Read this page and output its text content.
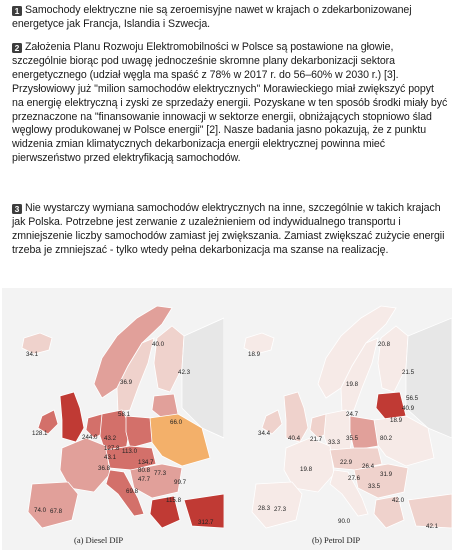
1 Samochody elektryczne nie są zeroemisyjne nawet w krajach o zdekarbonizowanej energetyce jak Francja, Islandia i Szwecja.
2 Założenia Planu Rozwoju Elektromobilności w Polsce są postawione na głowie, szczególnie biorąc pod uwagę jednocześnie skromne plany dekarbonizacji sektora energetycznego (udział węgla ma spaść z 78% w 2017 r. do 56–60% w 2030 r.) [3]. Przysłowiowy już "milion samochodów elektrycznych" Morawieckiego miał zwiększyć popyt na energię elektryczną i zyski ze sprzedaży energii. Pozyskane w ten sposób środki miały być przeznaczone na "finansowanie innowacji w sektorze energii, obniżających stopniowo ślad węglowy produkowanej w Polsce energii" [2]. Nasze badania jasno pokazują, że z punktu widzenia zmian klimatycznych dekarbonizacja energii elektrycznej powinna mieć pierwszeństwo przed elektryfikacją samochodów.
3 Nie wystarczy wymiana samochodów elektrycznych na inne, szczególnie w takich krajach jak Polska. Potrzebne jest zerwanie z uzależnieniem od indywidualnego transportu i zmniejszenie liczby samochodów zamiast jej zwiększania. Zamiast zwiększać zużycie energii trzeba je zmniejszać - tylko wtedy pełna dekarbonizacja ma szanse na realizację.
34.1
40.0
42.3
36.9
58.1
66.0
128.1
244.0 43.2
127.8
43.1
113.0
134.7
80.8
47.7
77.3
99.7
36.8
69.8
115.8
74.0 67.8
312.7
18.9
20.8
21.5
19.8
56.5
24.7
40.9
18.9
34.4
40.4 21.7 33.3
35.5	80.2
22.9
26.4
31.9
19.8
27.6
33.5
28.3 27.3
42.0
90.0
42.1
(a) Diesel DIP	(b) Petrol DIP
